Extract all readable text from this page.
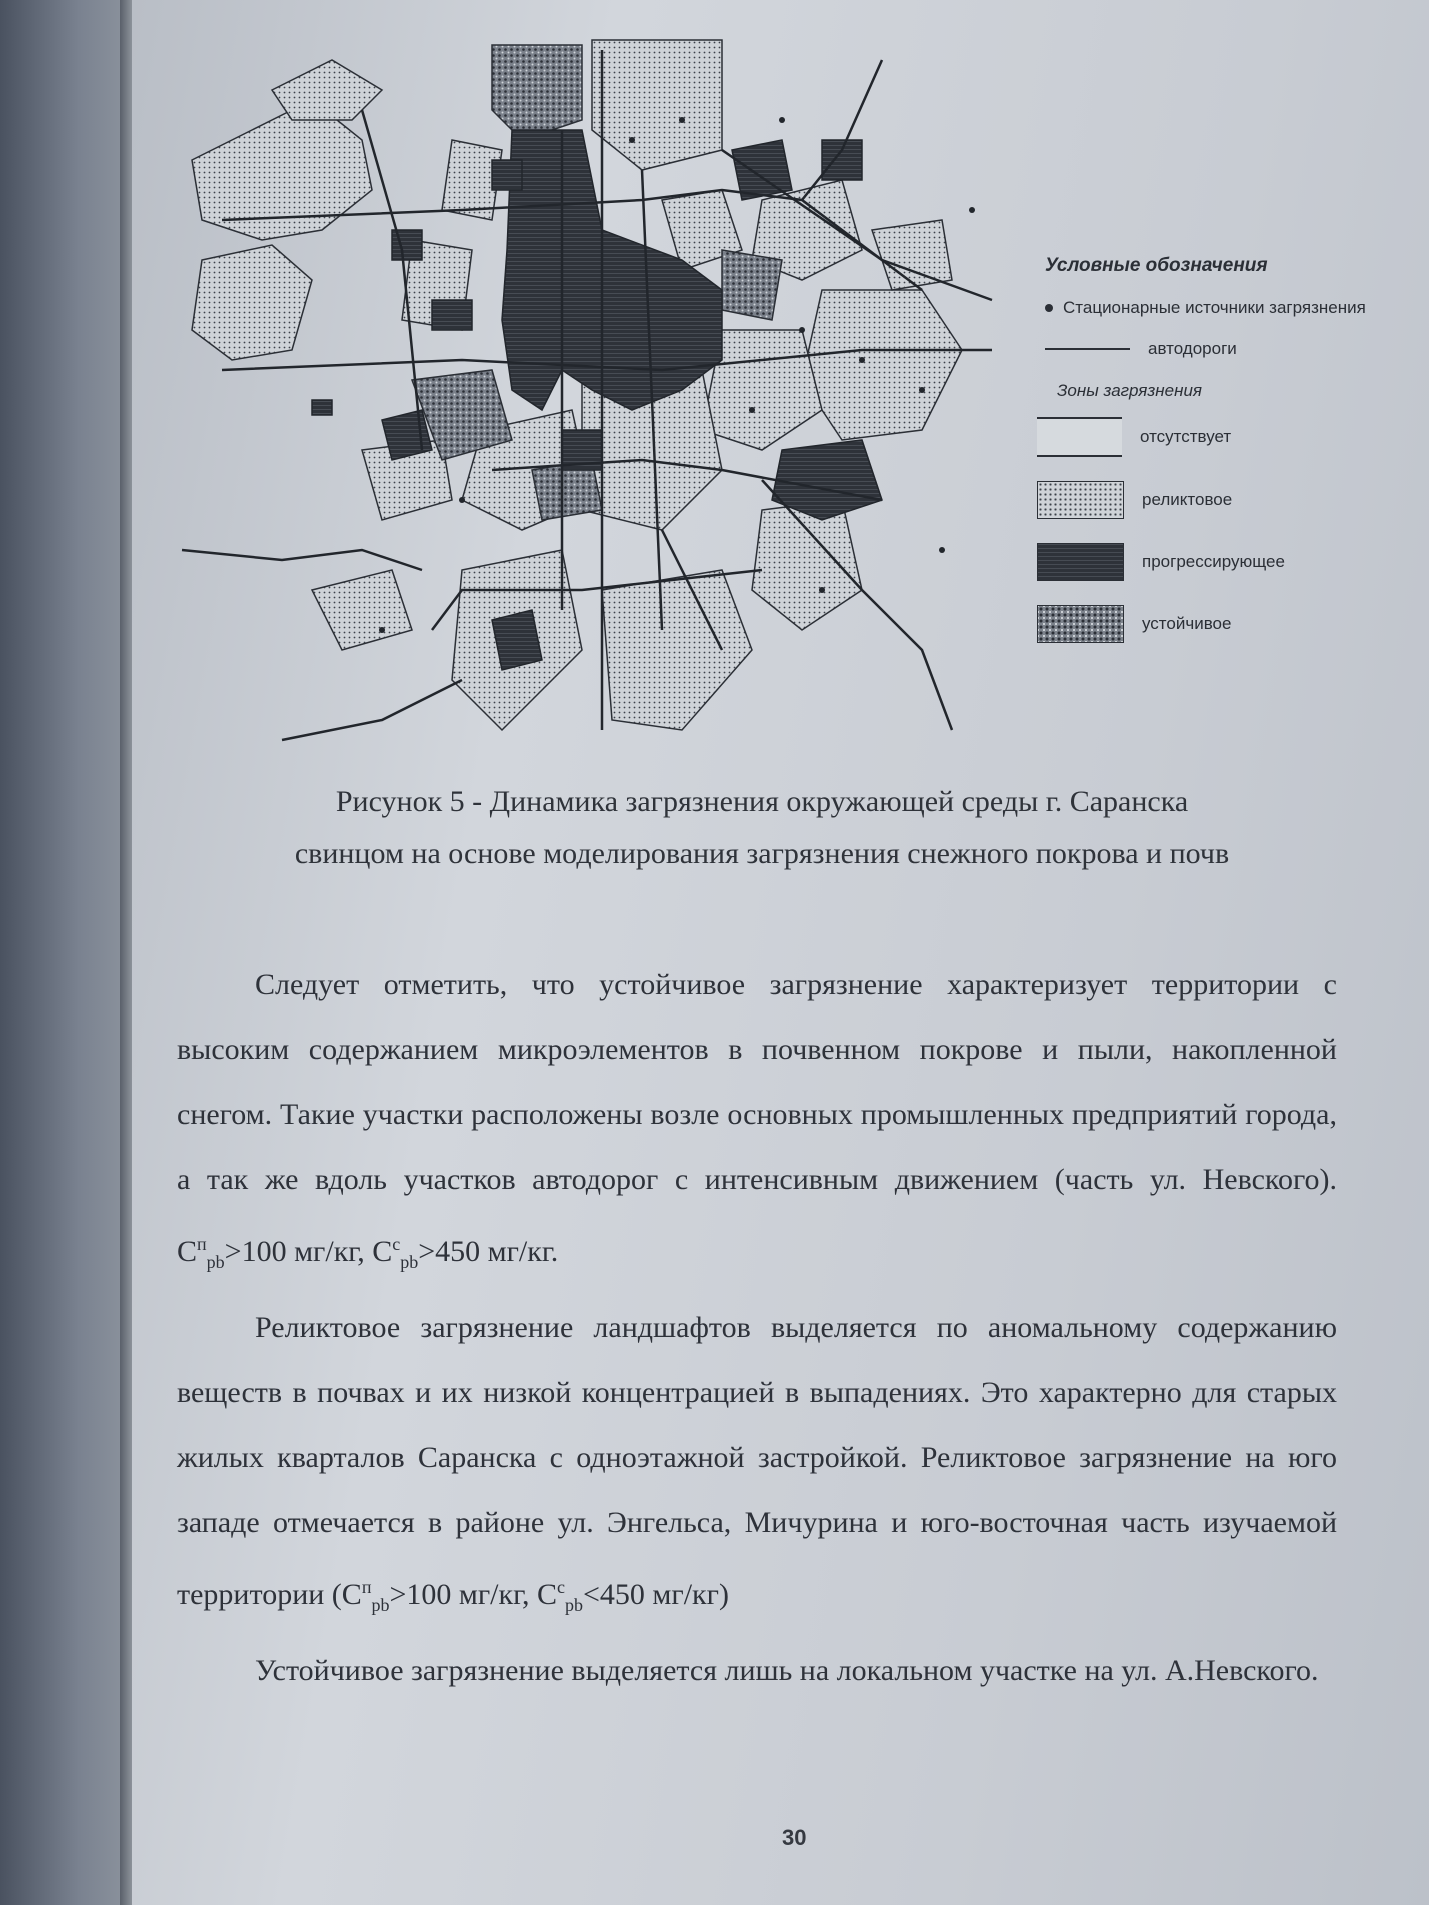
Условные обозначения
Стационарные источники загрязнения
автодороги
Зоны загрязнения
отсутствует
реликтовое
прогрессирующее
устойчивое
Рисунок 5 - Динамика загрязнения окружающей среды г. Саранска
свинцом на основе моделирования загрязнения снежного покрова и почв

Следует отметить, что устойчивое загрязнение характеризует территории с высоким содержанием микроэлементов в почвенном покрове и пыли, накопленной снегом. Такие участки расположены возле основных промышленных предприятий города, а так же вдоль участков автодорог с интенсивным движением (часть ул. Невского). $C^п_{pb}>100$ мг/кг, $C^с_{pb}>450$ мг/кг.

Реликтовое загрязнение ландшафтов выделяется по аномальному содержанию веществ в почвах и их низкой концентрацией в выпадениях. Это характерно для старых жилых кварталов Саранска с одноэтажной застройкой. Реликтовое загрязнение на юго западе отмечается в районе ул. Энгельса, Мичурина и юго-восточная часть изучаемой территории ($C^п_{pb}>100$ мг/кг, $C^с_{pb}<450$ мг/кг)

Устойчивое загрязнение выделяется лишь на локальном участке на ул. А.Невского.

30
